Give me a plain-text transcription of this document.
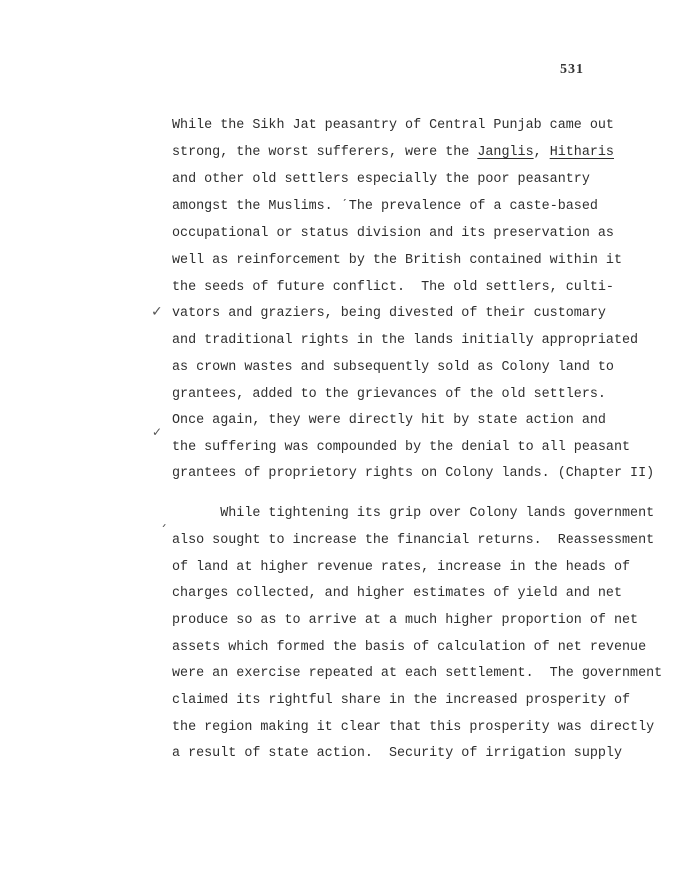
531
While the Sikh Jat peasantry of Central Punjab came out
strong, the worst sufferers, were the Janglis, Hitharis
and other old settlers especially the poor peasantry
amongst the Muslims. ˊThe prevalence of a caste-based
occupational or status division and its preservation as
well as reinforcement by the British contained within it
the seeds of future conflict.  The old settlers, culti-
vators and graziers, being divested of their customary
and traditional rights in the lands initially appropriated
as crown wastes and subsequently sold as Colony land to
grantees, added to the grievances of the old settlers.
Once again, they were directly hit by state action and
the suffering was compounded by the denial to all peasant
grantees of proprietory rights on Colony lands. (Chapter II)
While tightening its grip over Colony lands government
also sought to increase the financial returns.  Reassessment
of land at higher revenue rates, increase in the heads of
charges collected, and higher estimates of yield and net
produce so as to arrive at a much higher proportion of net
assets which formed the basis of calculation of net revenue
were an exercise repeated at each settlement.  The government
claimed its rightful share in the increased prosperity of
the region making it clear that this prosperity was directly
a result of state action.  Security of irrigation supply
✓
✓
ˊ
